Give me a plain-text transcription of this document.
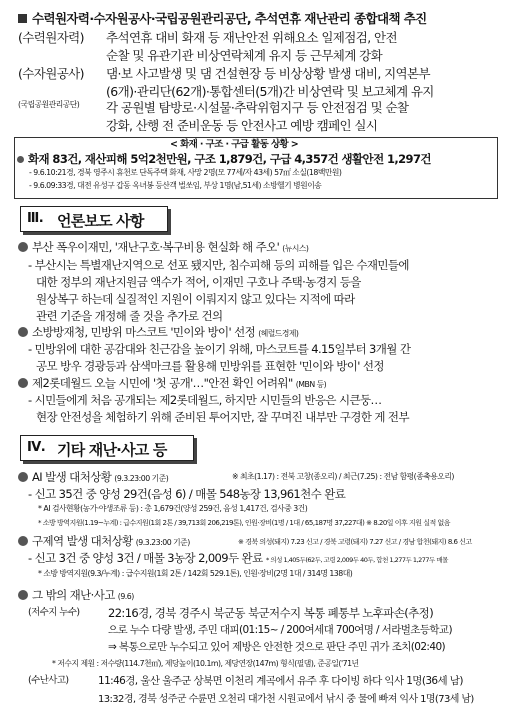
수력원자력·수자원공사·국립공원관리공단, 추석연휴 재난관리 종합대책 추진
(수력원자력) 추석연휴 대비 화재 등 재난안전 위해요소 일제점검, 안전
순찰 및 유관기관 비상연락체계 유지 등 근무체계 강화
(수자원공사) 댐·보 사고발생 및 댐 건설현장 등 비상상황 발생 대비, 지역본부
(6개)·관리단(62개)·통합센터(5개)간 비상연락 및 보고체계 유지
(국립공원관리공단) 각 공원별 탐방로·시설물·추락위험지구 등 안전점검 및 순찰
강화, 산행 전 준비운동 등 안전사고 예방 캠페인 실시
< 화재 · 구조 · 구급 활동 상황 >
화재 83건, 재산피해 5억2천만원, 구조 1,879건, 구급 4,357건 생활안전 1,297건
- 9.6.10:21경, 경북 영주시 휴천로 단독주택 화재, 사망 2명(모 77세/자 43세) 57㎡ 소실(18백만원)
- 9.6.09:33경, 대전 유성구 갑동 옥녀봉 등산객 벌쏘임, 부상 1명(남,51세) 소방헬기 병원이송
Ⅲ. 언론보도 사항
부산 폭우이재민, '재난구호·복구비용 현실화 해 주오' (뉴시스)
- 부산시는 특별재난지역으로 선포 됐지만, 침수피해 등의 피해를 입은 수재민들에
대한 정부의 재난지원금 액수가 적어, 이재민 구호나 주택·농경지 등을
원상복구 하는데 실질적인 지원이 이뤄지지 않고 있다는 지적에 따라
관련 기준을 개정해 줄 것을 추가로 건의
소방방재청, 민방위 마스코트 '민이와 방이' 선정 (헤럴드경제)
- 민방위에 대한 공감대와 친근감을 높이기 위해, 마스코트를 4.15일부터 3개월 간
공모 방우 경광등과 삼색마크를 활용해 민방위를 표현한 '민이와 방이' 선정
제2롯데월드 오늘 시민에 '첫 공개'…"안전 확인 어려워" (MBN 등)
- 시민들에게 처음 공개되는 제2롯데월드, 하지만 시민들의 반응은 시큰둥…
현장 안전성을 체험하기 위해 준비된 투어지만, 잘 꾸며진 내부만 구경한 게 전부
Ⅳ. 기타 재난·사고 등
AI 발생 대처상황 (9.3.23:00 기준)	※ 최초(1.17) : 전북 고창(종오리) / 최근(7.25) : 전남 함평(종축용오리)
- 신고 35건 중 양성 29건(음성 6) / 매몰 548농장 13,961천수 완료
* AI 검사현황(농가·야생조류 등) : 총 1,679건(양성 259건, 음성 1,417건, 검사중 3건)
* 소방 방역지원(1.19~누계) : 급수지원(1회 2톤 / 39,713회 206,219톤), 인원·장비(1명 / 1대 / 65,187명 37,227대) ※ 8.20일 이후 지원 실적 없음
구제역 발생 대처상황 (9.3.23:00 기준)	※ 경북 의성(돼지) 7.23 신고 / 경북 고령(돼지) 7.27 신고 / 경남 합천(돼지) 8.6 신고
- 신고 3건 중 양성 3건 / 매몰 3농장 2,009두 완료 * 의성 1,405두(62두, 고령 2,009두 40두, 합천 1,277두 1,277두 매몰
* 소방 방역지원(9.3/누계) : 급수지원(1회 2톤 / 142회 529.1톤), 인원·장비(2명 1대 / 314명 138대)
그 밖의 재난·사고 (9.6)
(저수지 누수) 22:16경, 경북 경주시 북군동 북군저수지 복통 폐통부 노후파손(추정)
으로 누수 다량 발생, 주민 대피(01:15~ / 200여세대 700여명 / 서라벌초등학교)
⇒ 복통으로만 누수되고 있어 제방은 안전한 것으로 판단 주민 귀가 조치(02:40)
* 저수지 제원 : 저수량(114.7천㎥), 제당높이(10.1m), 제당연장(147m) 형식(필댐), 준공일('71년
(수난사고)	11:46경, 울산 울주군 상북면 이천리 계곡에서 유주 후 다이빙 하다 익사 1명(36세 남)
13:32경, 경북 성주군 수륜면 오천리 대가천 시원교에서 낚시 중 물에 빠져 익사 1명(73세 남)
